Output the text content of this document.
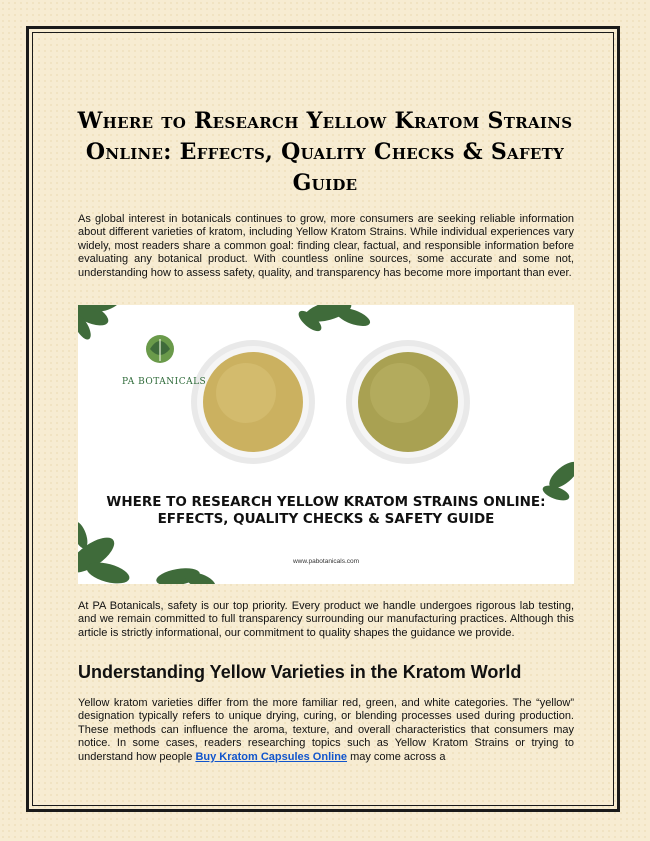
Where to Research Yellow Kratom Strains Online: Effects, Quality Checks & Safety Guide

As global interest in botanicals continues to grow, more consumers are seeking reliable information about different varieties of kratom, including Yellow Kratom Strains. While individual experiences vary widely, most readers share a common goal: finding clear, factual, and responsible information before evaluating any botanical product. With countless online sources, some accurate and some not, understanding how to assess safety, quality, and transparency has become more important than ever.

PA BOTANICALS

WHERE TO RESEARCH YELLOW KRATOM STRAINS ONLINE: EFFECTS, QUALITY CHECKS & SAFETY GUIDE

www.pabotanicals.com

At PA Botanicals, safety is our top priority. Every product we handle undergoes rigorous lab testing, and we remain committed to full transparency surrounding our manufacturing practices. Although this article is strictly informational, our commitment to quality shapes the guidance we provide.

Understanding Yellow Varieties in the Kratom World

Yellow kratom varieties differ from the more familiar red, green, and white categories. The “yellow” designation typically refers to unique drying, curing, or blending processes used during production. These methods can influence the aroma, texture, and overall characteristics that consumers may notice. In some cases, readers researching topics such as Yellow Kratom Strains or trying to understand how people Buy Kratom Capsules Online may come across a
